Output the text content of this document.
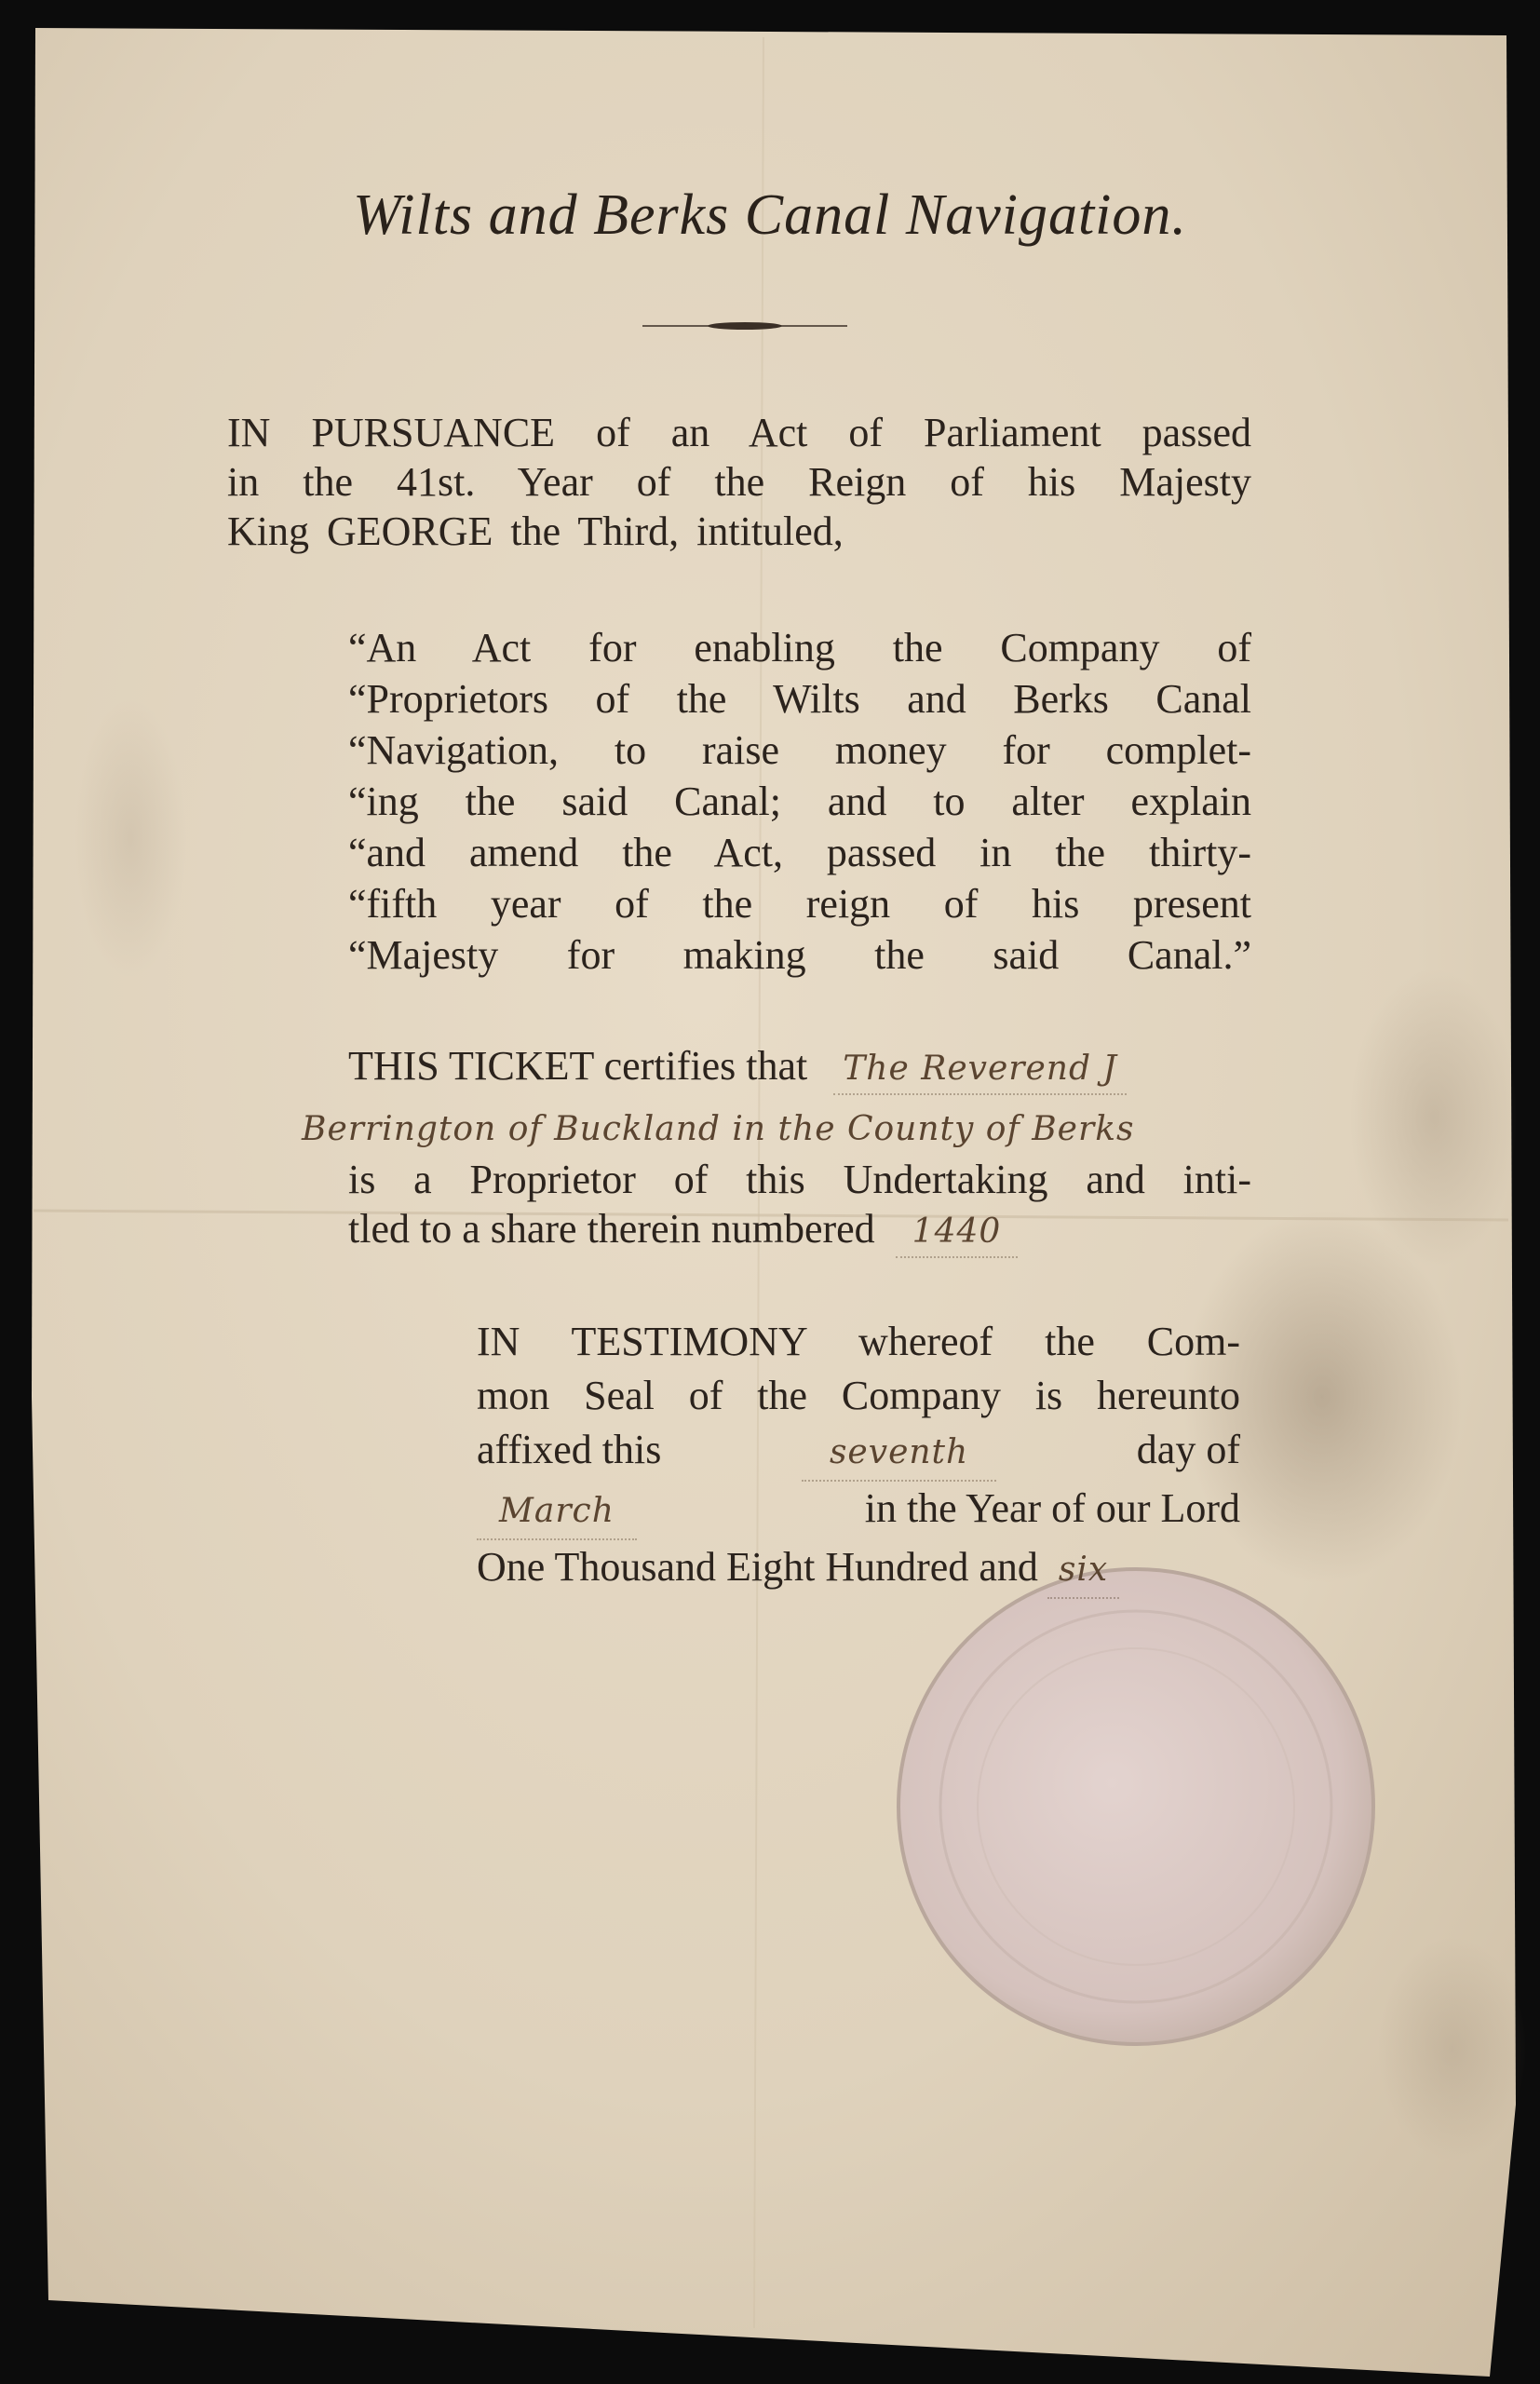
Wilts and Berks Canal Navigation.
IN PURSUANCE of an Act of Parliament passed
in the 41st. Year of the Reign of his Majesty
King GEORGE the Third, intituled,
“An Act for enabling the Company of
“Proprietors of the Wilts and Berks Canal
“Navigation, to raise money for complet-
“ing the said Canal; and to alter explain
“and amend the Act, passed in the thirty-
“fifth year of the reign of his present
“Majesty for making the said Canal.”
THIS TICKET certifies that The Reverend J
Berrington of Buckland in the County of Berks
is a Proprietor of this Undertaking and inti-
tled to a share therein numbered	1440
IN TESTIMONY whereof the Com-
mon Seal of the Company is hereunto
affixed this	seventh	day of
March	in the Year of our Lord
One Thousand Eight Hundred and six
